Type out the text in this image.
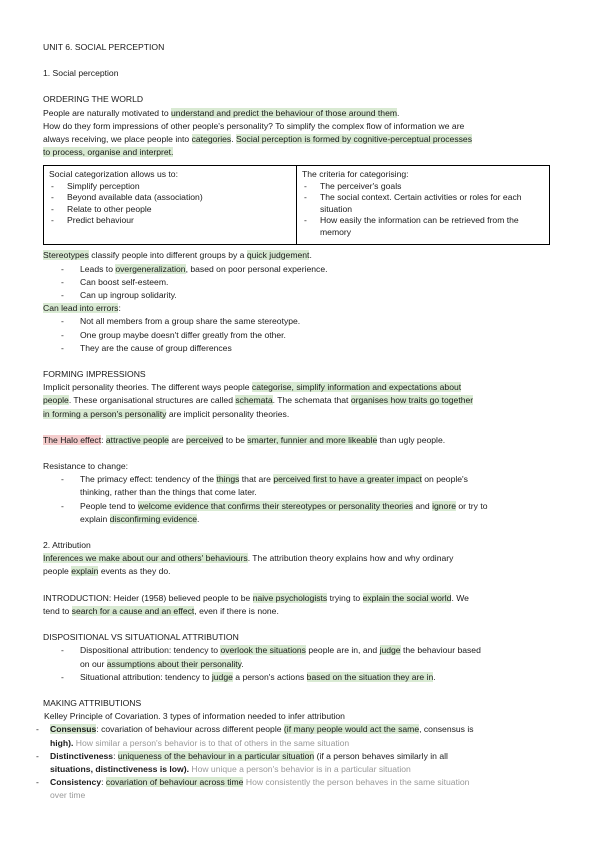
UNIT 6. SOCIAL PERCEPTION

1. Social perception

ORDERING THE WORLD

People are naturally motivated to understand and predict the behaviour of those around them.

How do they form impressions of other people's personality? To simplify the complex flow of information we are

always receiving, we place people into categories. Social perception is formed by cognitive-perceptual processes

to process, organise and interpret.

Social categorization allows us to:
- Simplify perception
- Beyond available data (association)
- Relate to other people
- Predict behaviour

The criteria for categorising:
- The perceiver's goals
- The social context. Certain activities or roles for each situation
- How easily the information can be retrieved from the memory

Stereotypes classify people into different groups by a quick judgement.

- Leads to overgeneralization, based on poor personal experience.
- Can boost self-esteem.
- Can up ingroup solidarity.

Can lead into errors:

- Not all members from a group share the same stereotype.
- One group maybe doesn't differ greatly from the other.
- They are the cause of group differences

FORMING IMPRESSIONS

Implicit personality theories. The different ways people categorise, simplify information and expectations about

people. These organisational structures are called schemata. The schemata that organises how traits go together

in forming a person's personality are implicit personality theories.

The Halo effect: attractive people are perceived to be smarter, funnier and more likeable than ugly people.

Resistance to change:

- The primacy effect: tendency of the things that are perceived first to have a greater impact on people's
thinking, rather than the things that come later.
- People tend to welcome evidence that confirms their stereotypes or personality theories and ignore or try to
explain disconfirming evidence.

2. Attribution

Inferences we make about our and others' behaviours. The attribution theory explains how and why ordinary

people explain events as they do.

INTRODUCTION: Heider (1958) believed people to be naive psychologists trying to explain the social world. We

tend to search for a cause and an effect, even if there is none.

DISPOSITIONAL VS SITUATIONAL ATTRIBUTION

- Dispositional attribution: tendency to overlook the situations people are in, and judge the behaviour based
on our assumptions about their personality.
- Situational attribution: tendency to judge a person's actions based on the situation they are in.

MAKING ATTRIBUTIONS

Kelley Principle of Covariation. 3 types of information needed to infer attribution

- Consensus: covariation of behaviour across different people (if many people would act the same, consensus is
high). How similar a person's behavior is to that of others in the same situation
- Distinctiveness: uniqueness of the behaviour in a particular situation (if a person behaves similarly in all
situations, distinctiveness is low). How unique a person's behavior is in a particular situation
- Consistency: covariation of behaviour across time How consistently the person behaves in the same situation
over time
